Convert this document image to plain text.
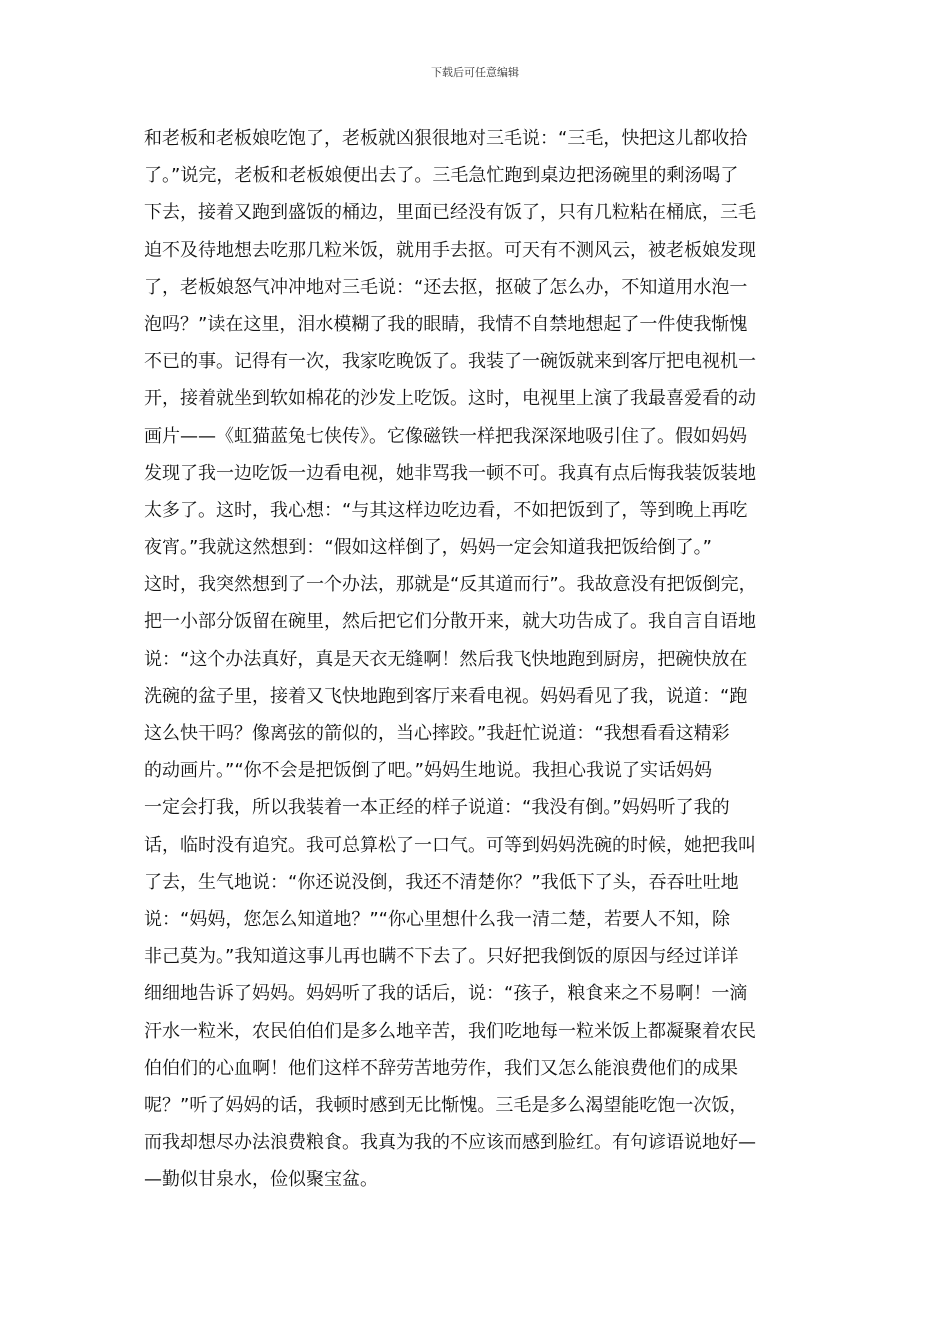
下载后可任意编辑
和老板和老板娘吃饱了，老板就凶狠很地对三毛说：“三毛，快把这儿都收拾
了。”说完，老板和老板娘便出去了。三毛急忙跑到桌边把汤碗里的剩汤喝了
下去，接着又跑到盛饭的桶边，里面已经没有饭了，只有几粒粘在桶底，三毛
迫不及待地想去吃那几粒米饭，就用手去抠。可天有不测风云，被老板娘发现
了，老板娘怒气冲冲地对三毛说：“还去抠，抠破了怎么办，不知道用水泡一
泡吗？”读在这里，泪水模糊了我的眼睛，我情不自禁地想起了一件使我惭愧
不已的事。记得有一次，我家吃晚饭了。我装了一碗饭就来到客厅把电视机一
开，接着就坐到软如棉花的沙发上吃饭。这时，电视里上演了我最喜爱看的动
画片——《虹猫蓝兔七侠传》。它像磁铁一样把我深深地吸引住了。假如妈妈
发现了我一边吃饭一边看电视，她非骂我一顿不可。我真有点后悔我装饭装地
太多了。这时，我心想：“与其这样边吃边看，不如把饭到了，等到晚上再吃
夜宵。”我就这然想到：“假如这样倒了，妈妈一定会知道我把饭给倒了。”
这时，我突然想到了一个办法，那就是“反其道而行”。我故意没有把饭倒完，
把一小部分饭留在碗里，然后把它们分散开来，就大功告成了。我自言自语地
说：“这个办法真好，真是天衣无缝啊！然后我飞快地跑到厨房，把碗快放在
洗碗的盆子里，接着又飞快地跑到客厅来看电视。妈妈看见了我，说道：“跑
这么快干吗？像离弦的箭似的，当心摔跤。”我赶忙说道：“我想看看这精彩
的动画片。”“你不会是把饭倒了吧。”妈妈生地说。我担心我说了实话妈妈
一定会打我，所以我装着一本正经的样子说道：“我没有倒。”妈妈听了我的
话，临时没有追究。我可总算松了一口气。可等到妈妈洗碗的时候，她把我叫
了去，生气地说：“你还说没倒，我还不清楚你？”我低下了头，吞吞吐吐地
说：“妈妈，您怎么知道地？”“你心里想什么我一清二楚，若要人不知，除
非己莫为。”我知道这事儿再也瞒不下去了。只好把我倒饭的原因与经过详详
细细地告诉了妈妈。妈妈听了我的话后，说：“孩子，粮食来之不易啊！一滴
汗水一粒米，农民伯伯们是多么地辛苦，我们吃地每一粒米饭上都凝聚着农民
伯伯们的心血啊！他们这样不辞劳苦地劳作，我们又怎么能浪费他们的成果
呢？”听了妈妈的话，我顿时感到无比惭愧。三毛是多么渴望能吃饱一次饭，
而我却想尽办法浪费粮食。我真为我的不应该而感到脸红。有句谚语说地好—
—勤似甘泉水，俭似聚宝盆。
